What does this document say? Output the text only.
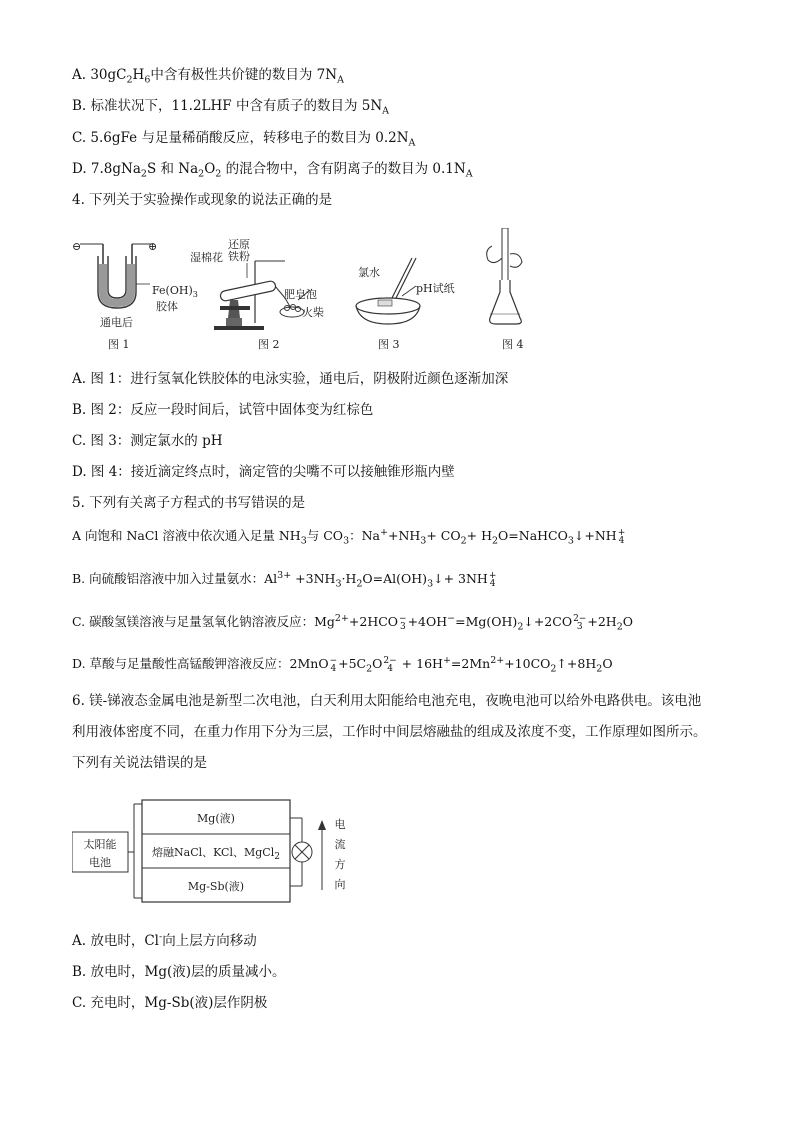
A. $30gC_2H_6$中含有极性共价键的数目为 $7N_A$
B. 标准状况下，11.2LHF 中含有质子的数目为 $5N_A$
C. 5.6gFe 与足量稀硝酸反应，转移电子的数目为 $0.2N_A$
D. 7.8gNa$_2$S 和 $Na_2O_2$ 的混合物中，含有阴离子的数目为 $0.1N_A$
4. 下列关于实验操作或现象的说法正确的是
⊖	⊕
$Fe(OH)_3$
胶体
通电后
图 1
湿棉花
还原
铁粉
肥皂泡
火柴
图 2
氯水
pH试纸
图 3	图 4
A. 图 1：进行氢氧化铁胶体的电泳实验，通电后，阴极附近颜色逐渐加深
B. 图 2：反应一段时间后，试管中固体变为红棕色
C. 图 3：测定氯水的 pH
D. 图 4：接近滴定终点时，滴定管的尖嘴不可以接触锥形瓶内壁
5. 下列有关离子方程式的书写错误的是
A 向饱和 NaCl 溶液中依次通入足量 $NH_3$与 $CO_3$：$Na^++NH_3+ CO_2+$ $H_2O=NaHCO_3↓+NH$ +
4
B. 向硫酸铝溶液中加入过量氨水：$Al^{3+}$ $+3NH_3\cdot H_2O=Al(OH)_3↓+ 3NH$ +
4
C. 碳酸氢镁溶液与足量氢氧化钠溶液反应：$Mg^{2+}+2HCO$ −
$3 +4OH^-=Mg(OH)_2↓+2CO$ 2−
$3 +2H_2O$
D. 草酸与足量酸性高锰酸钾溶液反应：2MnO −
$4 +5C_2O$ 2−
$4 + 16H^+=2Mn^{2+}+10CO_2↑+8H_2O$
6. 镁-锑液态金属电池是新型二次电池，白天利用太阳能给电池充电，夜晚电池可以给外电路供电。该电池
利用液体密度不同，在重力作用下分为三层，工作时中间层熔融盐的组成及浓度不变，工作原理如图所示。
下列有关说法错误的是
太阳能
电池
Mg(液)
熔融NaCl、KCl、MgCl$_2$
Mg-Sb(液)
电
流
方
向
A. 放电时，Cl-向上层方向移动
B. 放电时，Mg(液)层的质量减小。
C. 充电时，Mg-Sb(液)层作阴极
